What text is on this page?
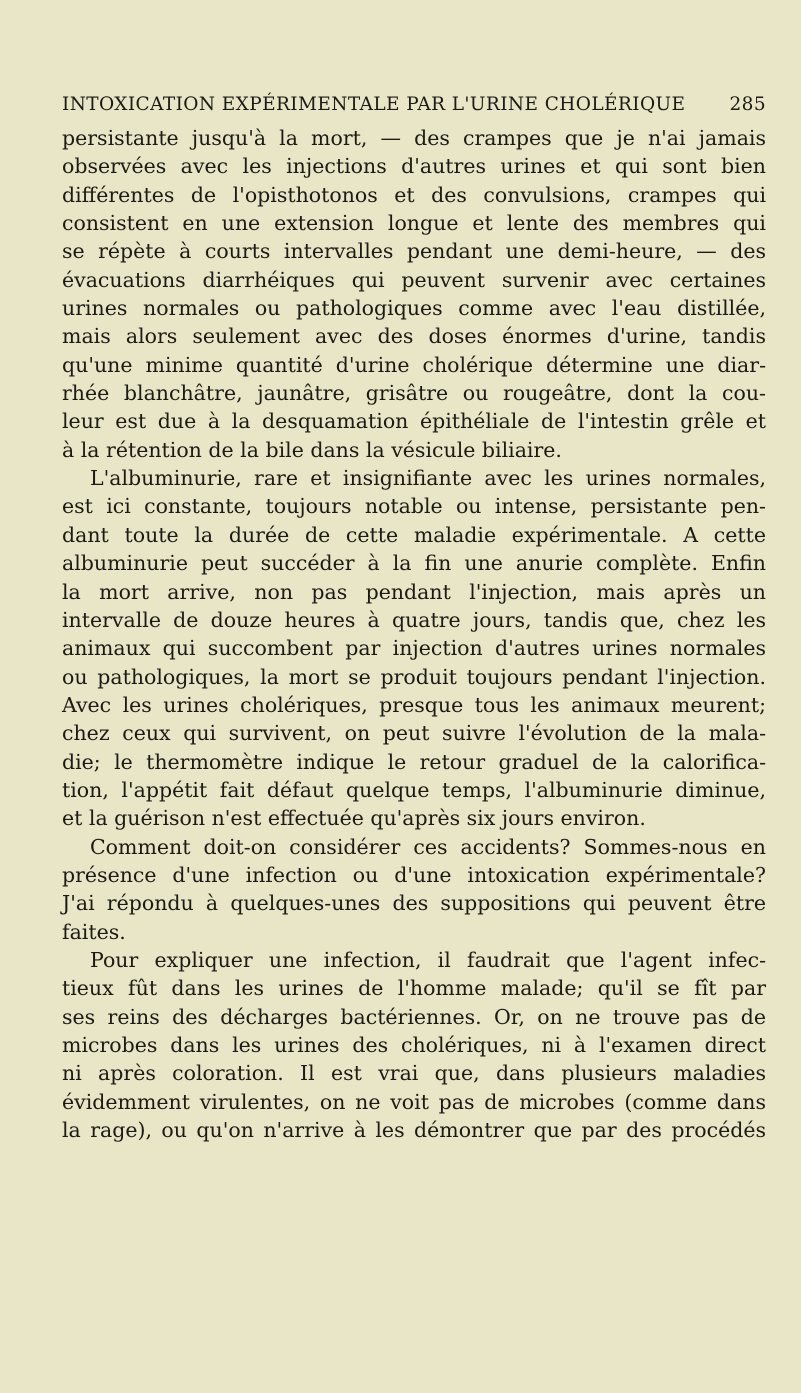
INTOXICATION EXPÉRIMENTALE PAR L'URINE CHOLÉRIQUE 285
persistante jusqu'à la mort, — des crampes que je n'ai jamais
observées avec les injections d'autres urines et qui sont bien
différentes de l'opisthotonos et des convulsions, crampes qui
consistent en une extension longue et lente des membres qui
se répète à courts intervalles pendant une demi-heure, — des
évacuations diarrhéiques qui peuvent survenir avec certaines
urines normales ou pathologiques comme avec l'eau distillée,
mais alors seulement avec des doses énormes d'urine, tandis
qu'une minime quantité d'urine cholérique détermine une diar-
rhée blanchâtre, jaunâtre, grisâtre ou rougeâtre, dont la cou-
leur est due à la desquamation épithéliale de l'intestin grêle et
à la rétention de la bile dans la vésicule biliaire.
L'albuminurie, rare et insignifiante avec les urines normales,
est ici constante, toujours notable ou intense, persistante pen-
dant toute la durée de cette maladie expérimentale. A cette
albuminurie peut succéder à la fin une anurie complète. Enfin
la mort arrive, non pas pendant l'injection, mais après un
intervalle de douze heures à quatre jours, tandis que, chez les
animaux qui succombent par injection d'autres urines normales
ou pathologiques, la mort se produit toujours pendant l'injection.
Avec les urines cholériques, presque tous les animaux meurent;
chez ceux qui survivent, on peut suivre l'évolution de la mala-
die; le thermomètre indique le retour graduel de la calorifica-
tion, l'appétit fait défaut quelque temps, l'albuminurie diminue,
et la guérison n'est effectuée qu'après six jours environ.
Comment doit-on considérer ces accidents? Sommes-nous en
présence d'une infection ou d'une intoxication expérimentale?
J'ai répondu à quelques-unes des suppositions qui peuvent être
faites.
Pour expliquer une infection, il faudrait que l'agent infec-
tieux fût dans les urines de l'homme malade; qu'il se fît par
ses reins des décharges bactériennes. Or, on ne trouve pas de
microbes dans les urines des cholériques, ni à l'examen direct
ni après coloration. Il est vrai que, dans plusieurs maladies
évidemment virulentes, on ne voit pas de microbes (comme dans
la rage), ou qu'on n'arrive à les démontrer que par des procédés
